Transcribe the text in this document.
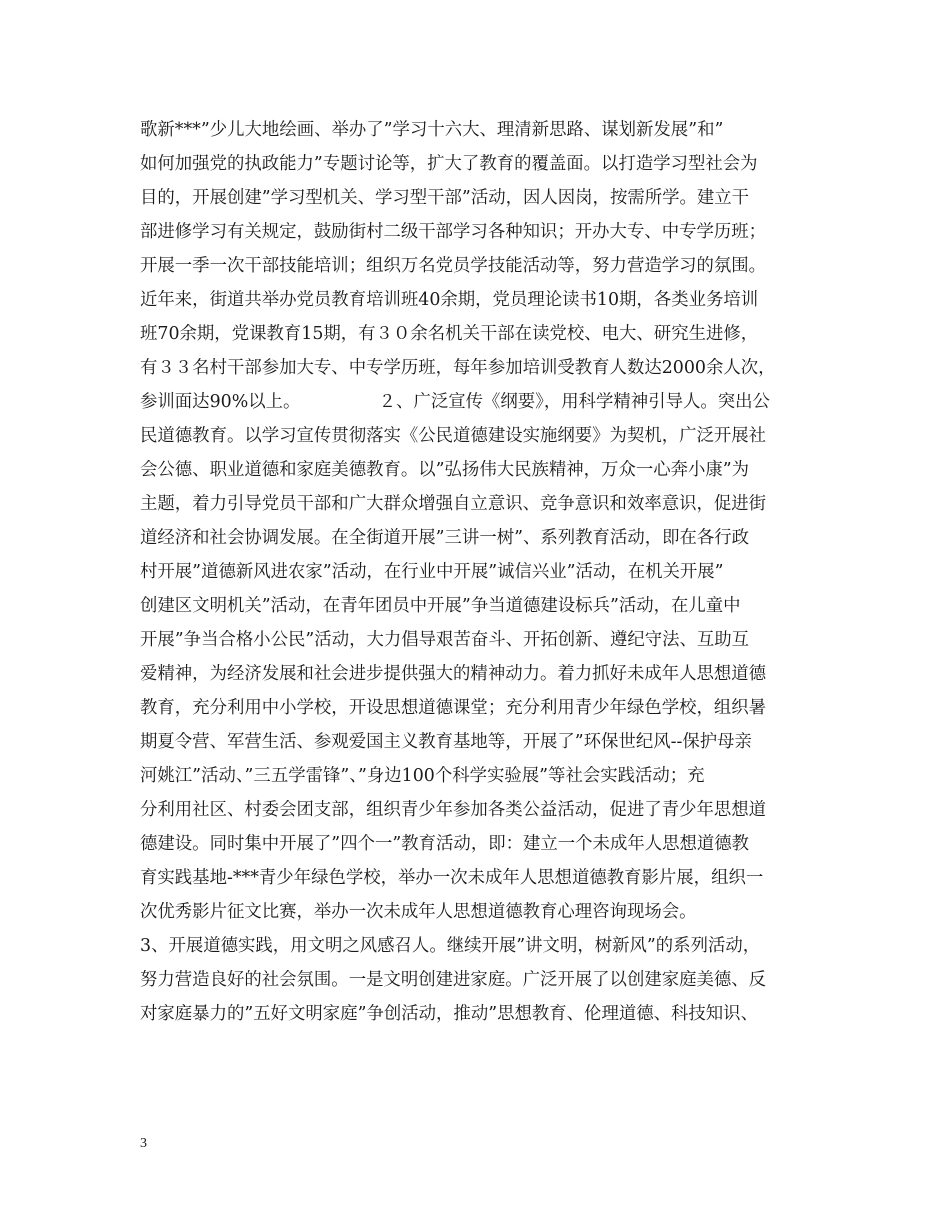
歌新***”少儿大地绘画、举办了”学习十六大、理清新思路、谋划新发展”和”
如何加强党的执政能力”专题讨论等，扩大了教育的覆盖面。以打造学习型社会为
目的，开展创建”学习型机关、学习型干部”活动，因人因岗，按需所学。建立干
部进修学习有关规定，鼓励街村二级干部学习各种知识；开办大专、中专学历班；
开展一季一次干部技能培训；组织万名党员学技能活动等，努力营造学习的氛围。
近年来，街道共举办党员教育培训班40余期，党员理论读书10期，各类业务培训
班70余期，党课教育15期，有３０余名机关干部在读党校、电大、研究生进修，
有３３名村干部参加大专、中专学历班，每年参加培训受教育人数达2000余人次，
参训面达90%以上。　　　　　２、广泛宣传《纲要》，用科学精神引导人。突出公
民道德教育。以学习宣传贯彻落实《公民道德建设实施纲要》为契机，广泛开展社
会公德、职业道德和家庭美德教育。以”弘扬伟大民族精神，万众一心奔小康”为
主题，着力引导党员干部和广大群众增强自立意识、竞争意识和效率意识，促进街
道经济和社会协调发展。在全街道开展”三讲一树”、系列教育活动，即在各行政
村开展”道德新风进农家”活动，在行业中开展”诚信兴业”活动，在机关开展”
创建区文明机关”活动，在青年团员中开展”争当道德建设标兵”活动，在儿童中
开展”争当合格小公民”活动，大力倡导艰苦奋斗、开拓创新、遵纪守法、互助互
爱精神，为经济发展和社会进步提供强大的精神动力。着力抓好未成年人思想道德
教育，充分利用中小学校，开设思想道德课堂；充分利用青少年绿色学校，组织暑
期夏令营、军营生活、参观爱国主义教育基地等，开展了”环保世纪风--保护母亲
河姚江”活动、”三五学雷锋”、”身边100个科学实验展”等社会实践活动；充
分利用社区、村委会团支部，组织青少年参加各类公益活动，促进了青少年思想道
德建设。同时集中开展了”四个一”教育活动，即：建立一个未成年人思想道德教
育实践基地-***青少年绿色学校，举办一次未成年人思想道德教育影片展，组织一
次优秀影片征文比赛，举办一次未成年人思想道德教育心理咨询现场会。
3、开展道德实践，用文明之风感召人。继续开展”讲文明，树新风”的系列活动，
努力营造良好的社会氛围。一是文明创建进家庭。广泛开展了以创建家庭美德、反
对家庭暴力的”五好文明家庭”争创活动，推动”思想教育、伦理道德、科技知识、
3
